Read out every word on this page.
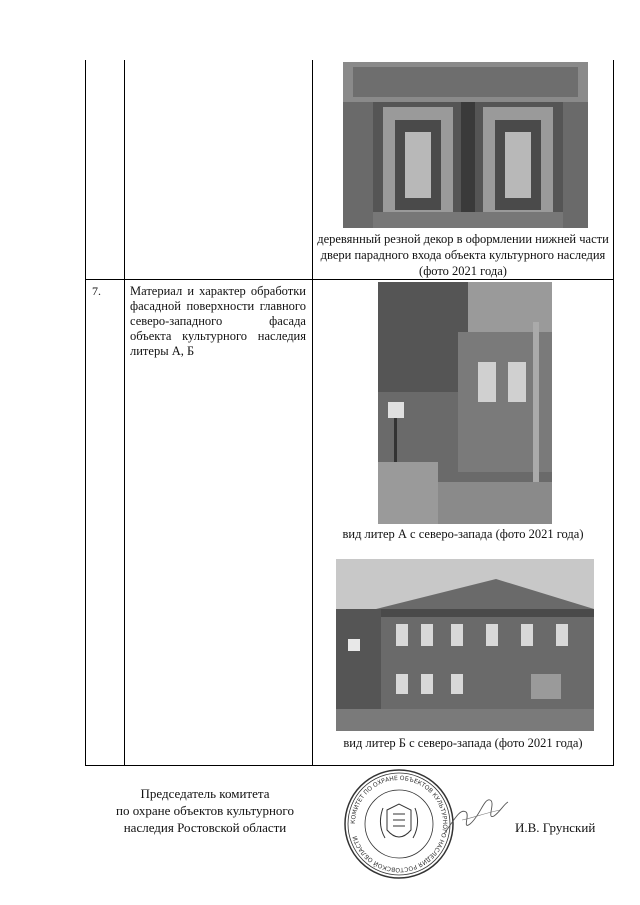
деревянный резной декор в оформлении нижней части двери парадного входа объекта культурного наследия (фото 2021 года)
7. Материал и характер обработки фасадной поверхности главного северо-западного фасада объекта культурного наследия литеры А, Б
вид литер А с северо-запада (фото 2021 года)
вид литер Б с северо-запада (фото 2021 года)
Председатель комитета
по охране объектов культурного
наследия Ростовской области	КОМИТЕТ ПО ОХРАНЕ ОБЪЕКТОВ КУЛЬТУРНОГО НАСЛЕДИЯ РОСТОВСКОЙ ОБЛАСТИ
И.В. Грунский
